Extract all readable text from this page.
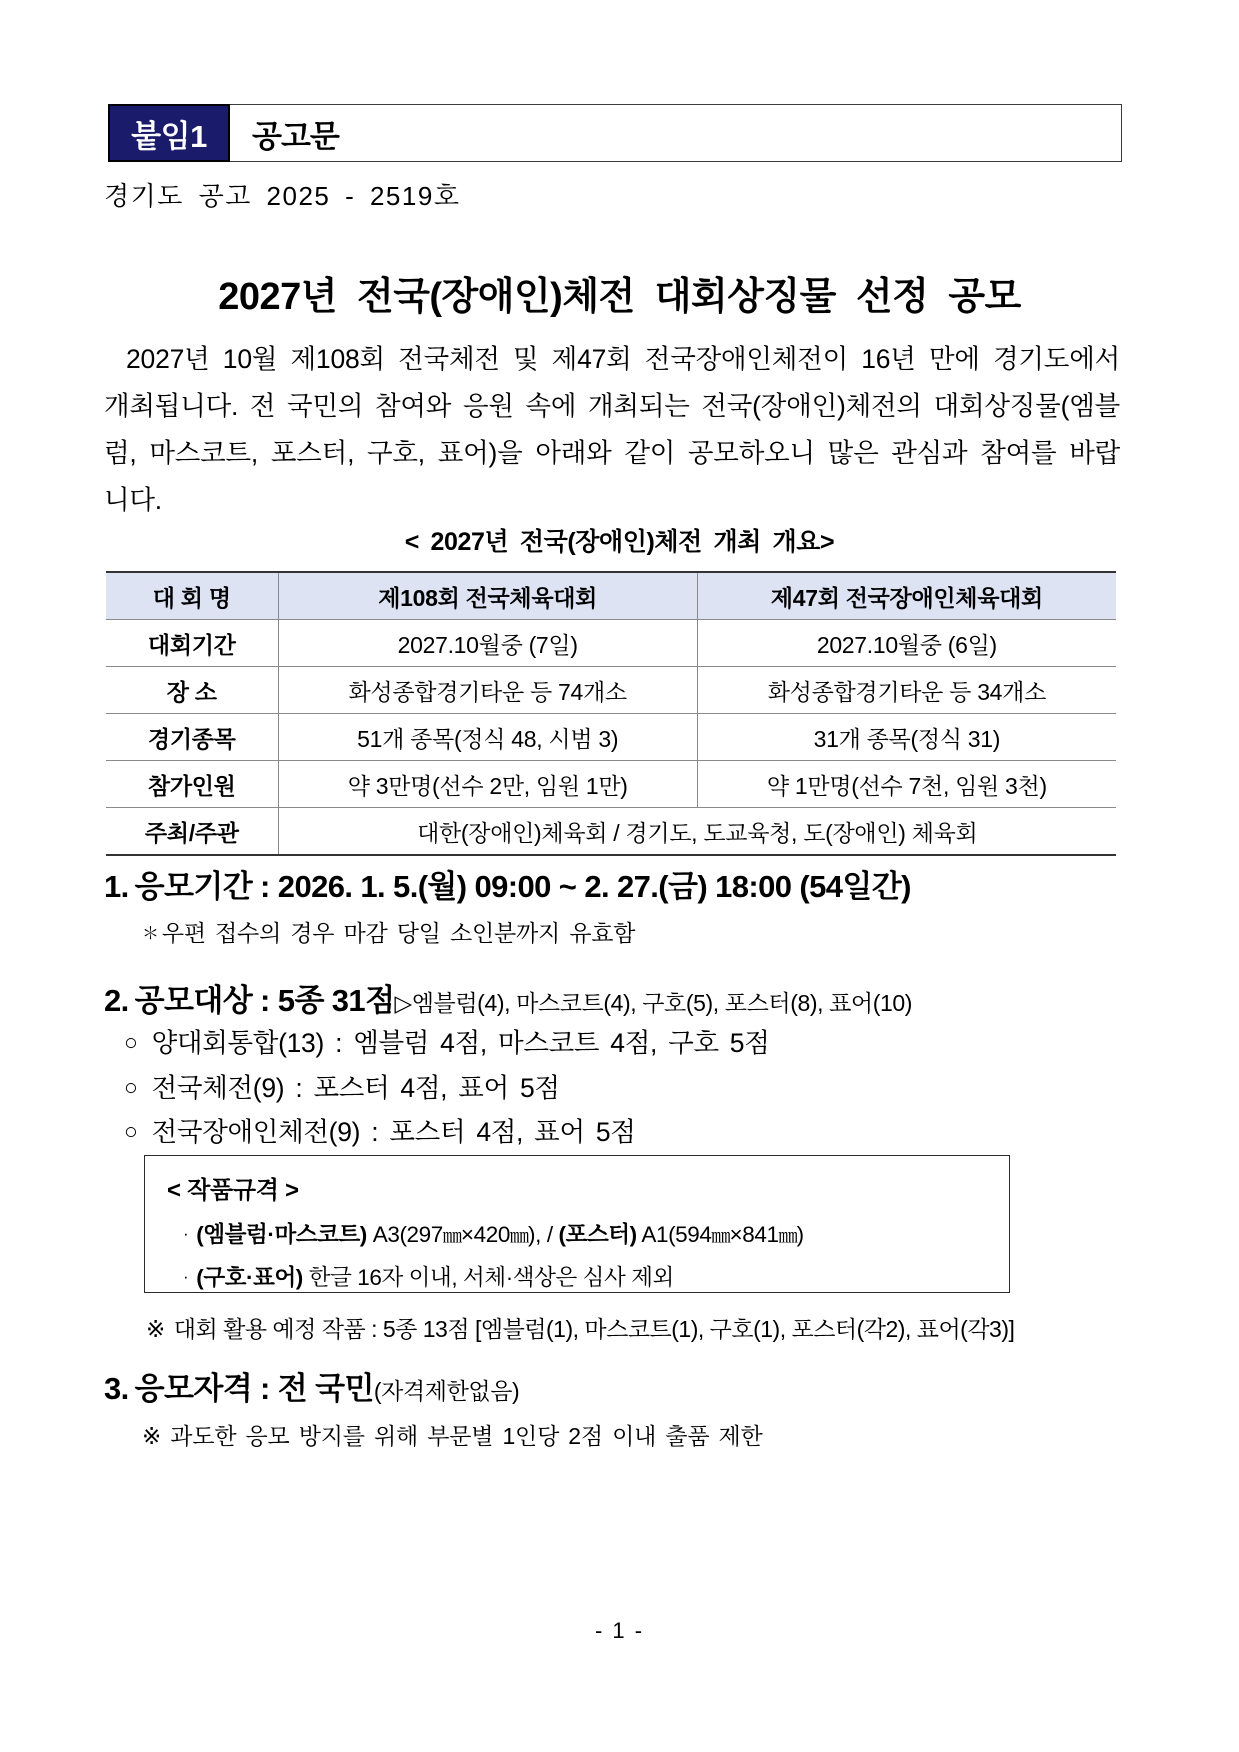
붙임1	공고문
경기도 공고 2025 - 2519호
2027년 전국(장애인)체전 대회상징물 선정 공모
2027년 10월 제108회 전국체전 및 제47회 전국장애인체전이 16년 만에 경기도에서 개최됩니다. 전 국민의 참여와 응원 속에 개최되는 전국(장애인)체전의 대회상징물(엠블럼, 마스코트, 포스터, 구호, 표어)을 아래와 같이 공모하오니 많은 관심과 참여를 바랍니다.
< 2027년 전국(장애인)체전 개최 개요>
대 회 명	제108회 전국체육대회	제47회 전국장애인체육대회
대회기간	2027.10월중 (7일)	2027.10월중 (6일)
장 소	화성종합경기타운 등 74개소	화성종합경기타운 등 34개소
경기종목	51개 종목(정식 48, 시범 3)	31개 종목(정식 31)
참가인원	약 3만명(선수 2만, 임원 1만)	약 1만명(선수 7천, 임원 3천)
주최/주관	대한(장애인)체육회 / 경기도, 도교육청, 도(장애인) 체육회	
1. 응모기간 : 2026. 1. 5.(월) 09:00 ~ 2. 27.(금) 18:00 (54일간)
＊ 우편 접수의 경우 마감 당일 소인분까지 유효함
2. 공모대상 : 5종 31점▷엠블럼(4), 마스코트(4), 구호(5), 포스터(8), 표어(10)
○ 양대회통합(13) : 엠블럼 4점, 마스코트 4점, 구호 5점
○ 전국체전(9) : 포스터 4점, 표어 5점
○ 전국장애인체전(9) : 포스터 4점, 표어 5점
< 작품규격 >
· (엠블럼·마스코트) A3(297㎜×420㎜), / (포스터) A1(594㎜×841㎜)
· (구호·표어) 한글 16자 이내, 서체·색상은 심사 제외
※ 대회 활용 예정 작품 : 5종 13점 [엠블럼(1), 마스코트(1), 구호(1), 포스터(각2), 표어(각3)]
3. 응모자격 : 전 국민(자격제한없음)
※ 과도한 응모 방지를 위해 부문별 1인당 2점 이내 출품 제한
- 1 -
